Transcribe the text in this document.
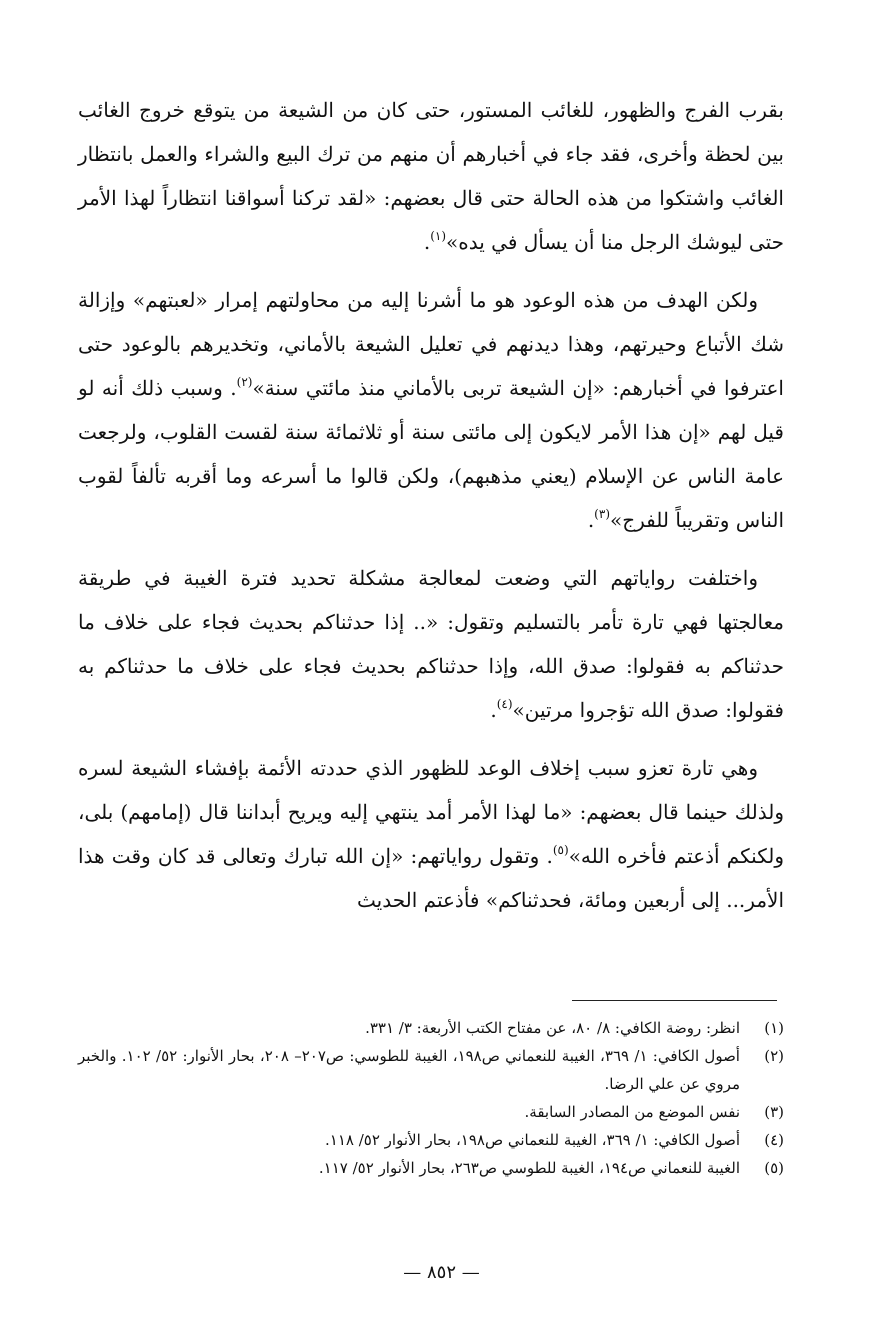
بقرب الفرج والظهور، للغائب المستور، حتى كان من الشيعة من يتوقع خروج الغائب بين لحظة وأخرى، فقد جاء في أخبارهم أن منهم من ترك البيع والشراء والعمل بانتظار الغائب واشتكوا من هذه الحالة حتى قال بعضهم: «لقد تركنا أسواقنا انتظاراً لهذا الأمر حتى ليوشك الرجل منا أن يسأل في يده»$^{(١)}$.

ولكن الهدف من هذه الوعود هو ما أشرنا إليه من محاولتهم إمرار «لعبتهم» وإزالة شك الأتباع وحيرتهم، وهذا ديدنهم في تعليل الشيعة بالأماني، وتخديرهم بالوعود حتى اعترفوا في أخبارهم: «إن الشيعة تربى بالأماني منذ مائتي سنة»$^{(٢)}$. وسبب ذلك أنه لو قيل لهم «إن هذا الأمر لايكون إلى مائتى سنة أو ثلاثمائة سنة لقست القلوب، ولرجعت عامة الناس عن الإسلام (يعني مذهبهم)، ولكن قالوا ما أسرعه وما أقربه تألفاً لقوب الناس وتقريباً للفرج»$^{(٣)}$.

واختلفت رواياتهم التي وضعت لمعالجة مشكلة تحديد فترة الغيبة في طريقة معالجتها فهي تارة تأمر بالتسليم وتقول: «.. إذا حدثناكم بحديث فجاء على خلاف ما حدثناكم به فقولوا: صدق الله، وإذا حدثناكم بحديث فجاء على خلاف ما حدثناكم به فقولوا: صدق الله تؤجروا مرتين»$^{(٤)}$.

وهي تارة تعزو سبب إخلاف الوعد للظهور الذي حددته الأئمة بإفشاء الشيعة لسره ولذلك حينما قال بعضهم: «ما لهذا الأمر أمد ينتهي إليه ويريح أبداننا قال (إمامهم) بلى، ولكنكم أذعتم فأخره الله»$^{(٥)}$. وتقول رواياتهم: «إن الله تبارك وتعالى قد كان وقت هذا الأمر... إلى أربعين ومائة، فحدثناكم» فأذعتم الحديث

(١)
انظر: روضة الكافي: ٨/ ٨٠، عن مفتاح الكتب الأربعة: ٣/ ٣٣١.
(٢)
أصول الكافي: ١/ ٣٦٩، الغيبة للنعماني ص١٩٨، الغيبة للطوسي: ص٢٠٧– ٢٠٨، بحار الأنوار: ٥٢/ ١٠٢. والخبر مروي عن علي الرضا.
(٣)
نفس الموضع من المصادر السابقة.
(٤)
أصول الكافي: ١/ ٣٦٩، الغيبة للنعماني ص١٩٨، بحار الأنوار ٥٢/ ١١٨.
(٥)
الغيبة للنعماني ص١٩٤، الغيبة للطوسي ص٢٦٣، بحار الأنوار ٥٢/ ١١٧.
— ٨٥٢ —
